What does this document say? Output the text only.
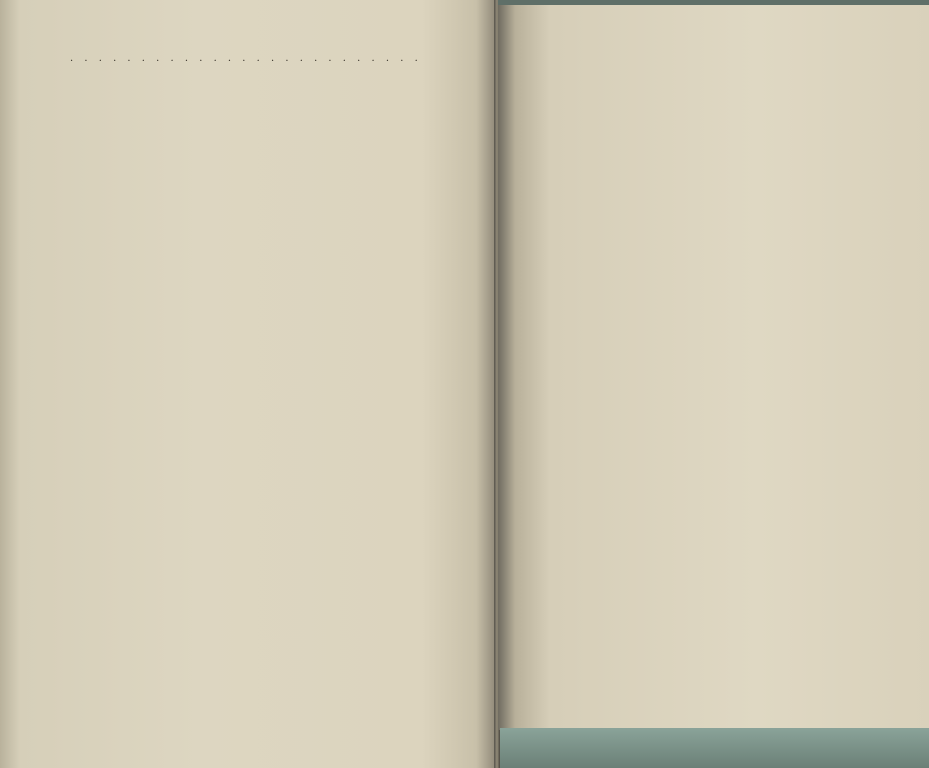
· · ·
